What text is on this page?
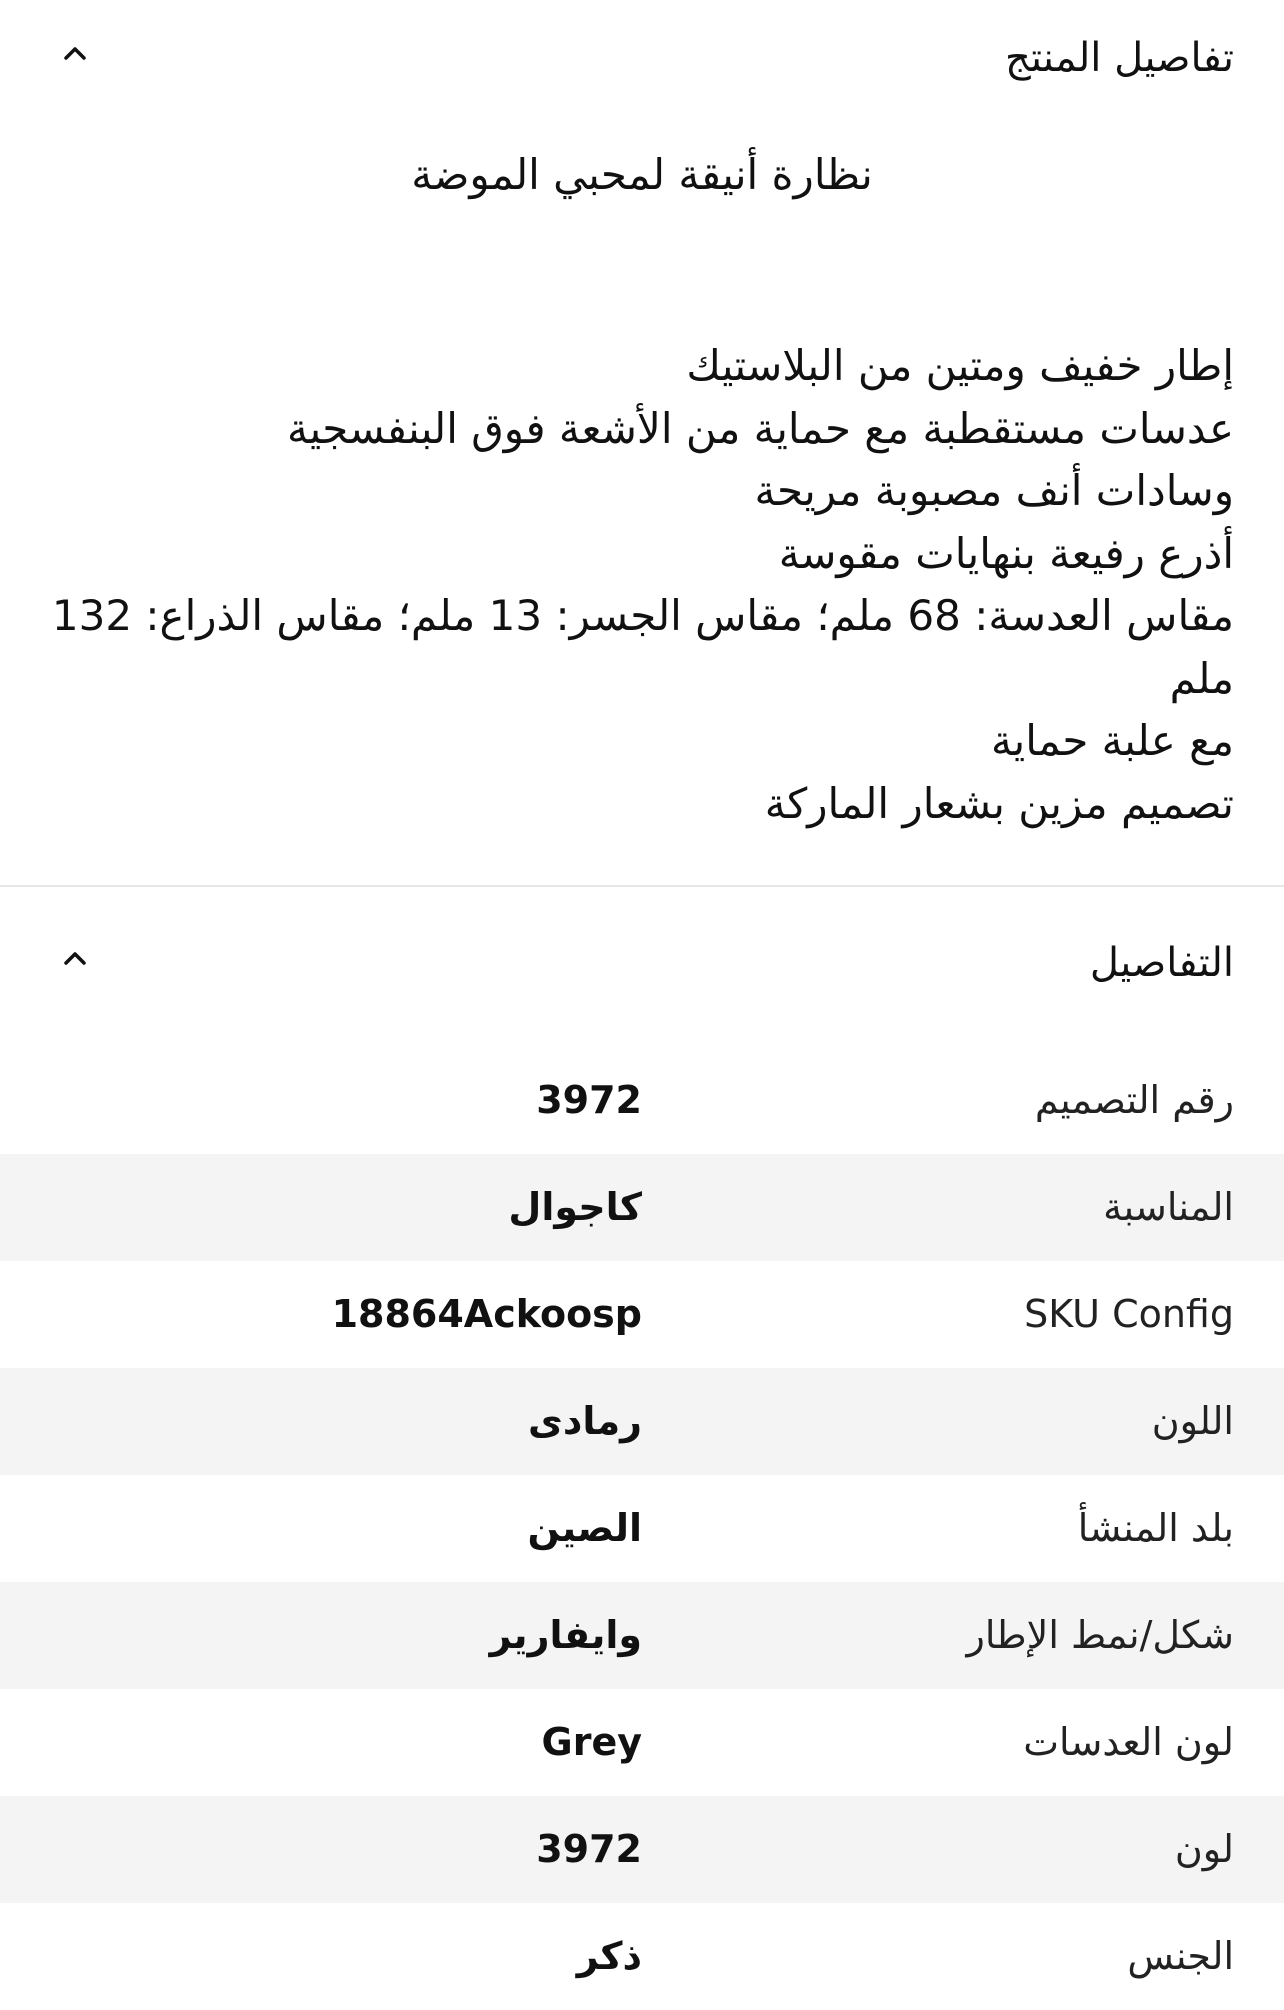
تفاصيل المنتج
نظارة أنيقة لمحبي الموضة
إطار خفيف ومتين من البلاستيك
عدسات مستقطبة مع حماية من الأشعة فوق البنفسجية
وسادات أنف مصبوبة مريحة
أذرع رفيعة بنهايات مقوسة
مقاس العدسة: 68 ملم؛ مقاس الجسر: 13 ملم؛ مقاس الذراع: 132 ملم
مع علبة حماية
تصميم مزين بشعار الماركة
التفاصيل
رقم التصميم
3972
المناسبة
كاجوال
SKU Config
18864Ackoosp
اللون
رمادى
بلد المنشأ
الصين
شكل/نمط الإطار
وايفارير
لون العدسات
Grey
لون
3972
الجنس
ذكر
